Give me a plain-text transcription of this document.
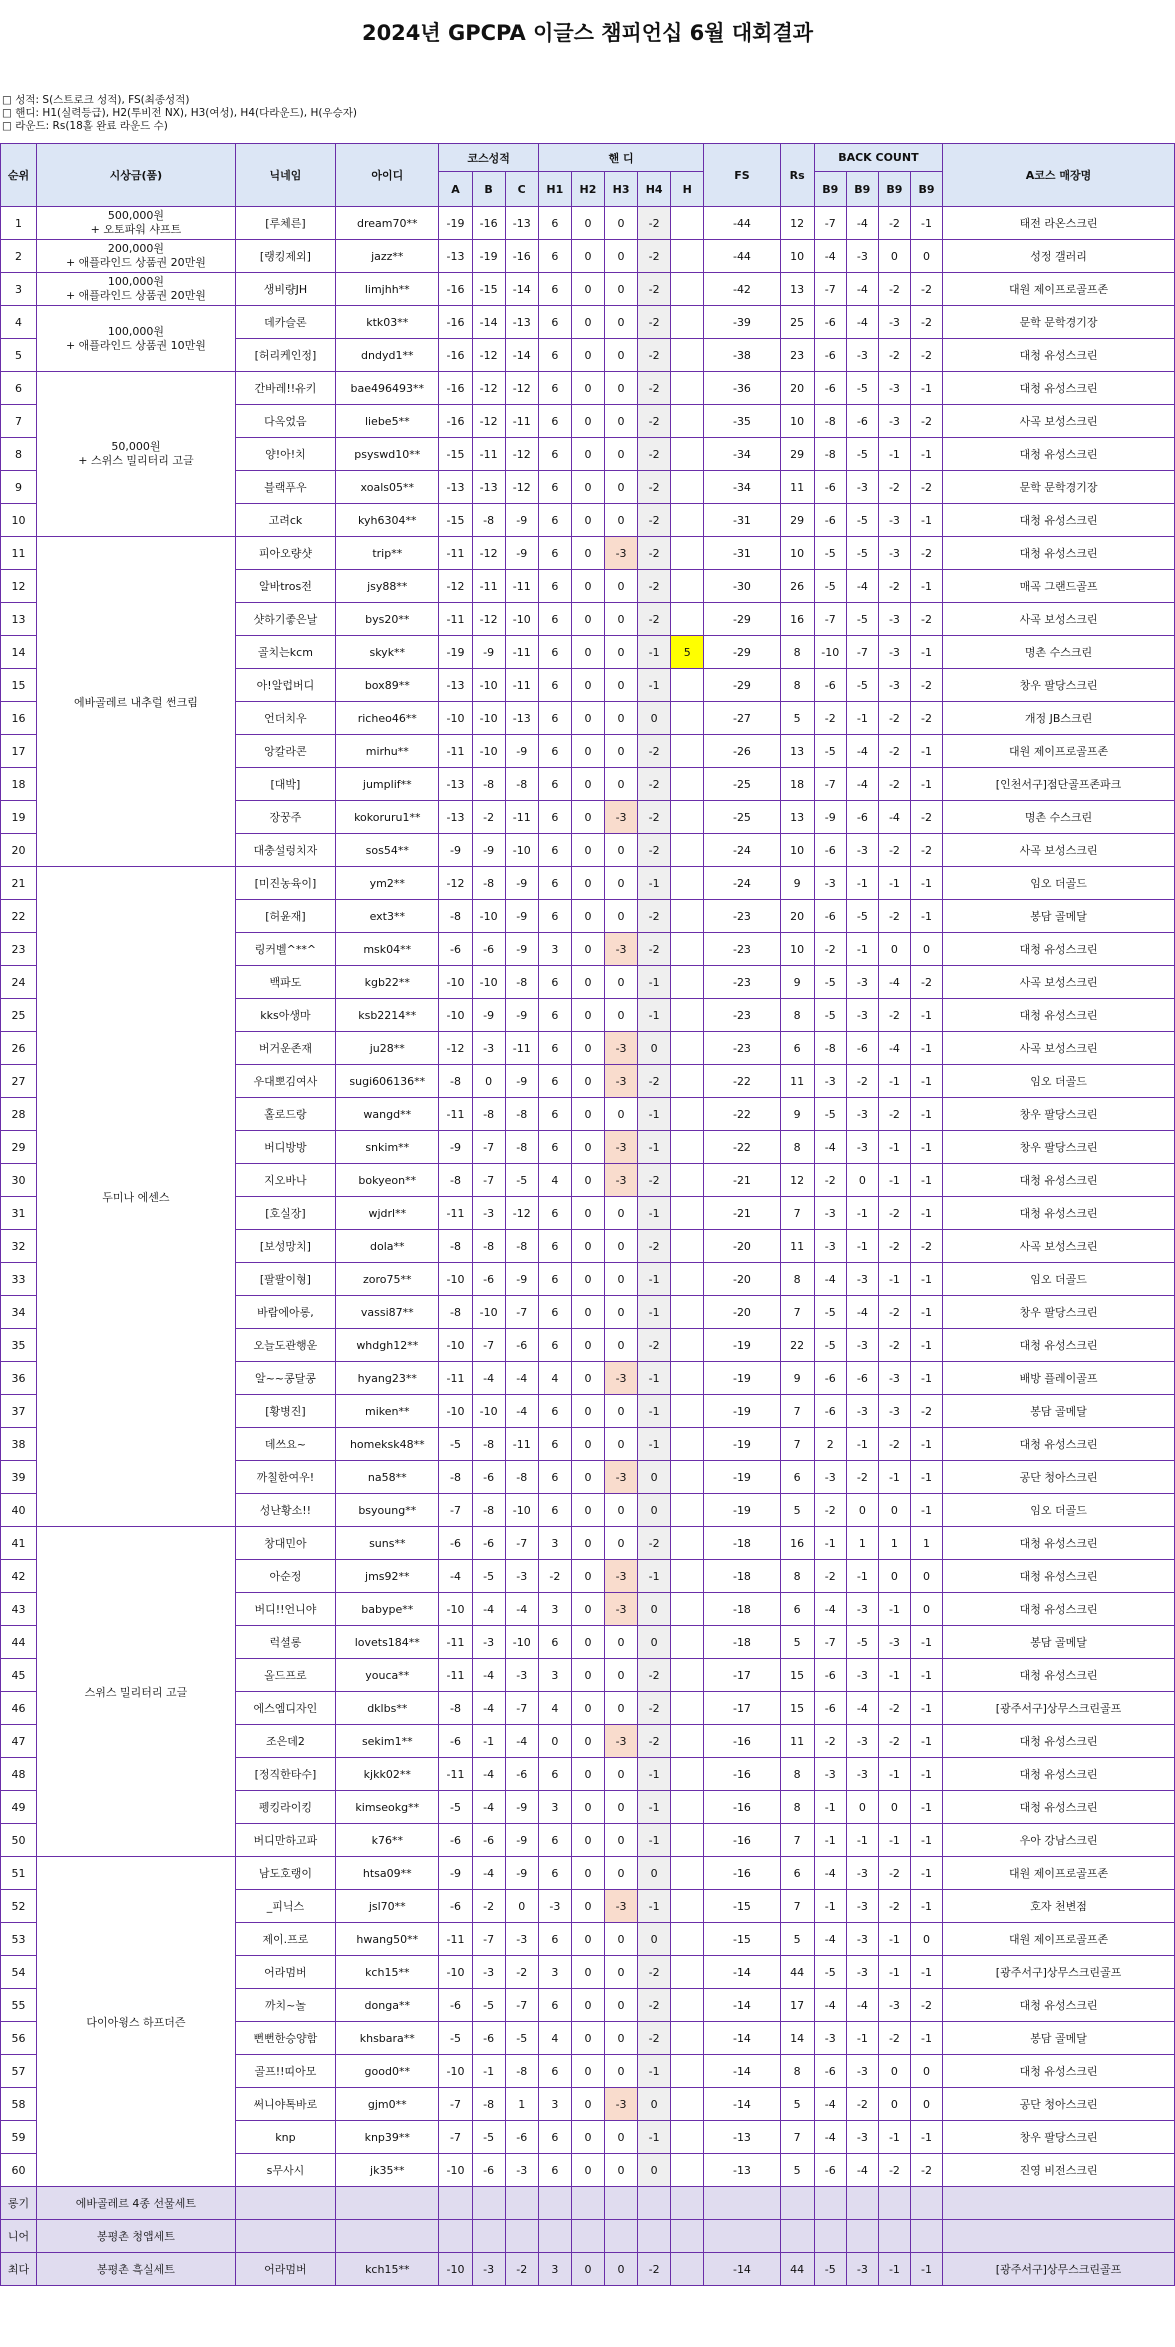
2024년 GPCPA 이글스 챔피언십 6월 대회결과
□ 성적: S(스트로크 성적), FS(최종성적)
□ 핸디: H1(실력등급), H2(투비전 NX), H3(여성), H4(다라운드), H(우승자)
□ 라운드: Rs(18홀 완료 라운드 수)
순위	시상금(품)	닉네임	아이디	코스성적			핸 디					FS	Rs	BACK COUNT				A코스 매장명
				A	B	C	H1	H2	H3	H4	H			B9	B9	B9	B9	
1	500,000원
+ 오토파워 샤프트	[루체른]	dream70**	-19	-16	-13	6	0	0	-2		-44	12	-7	-4	-2	-1	태전 라온스크린
2	200,000원
+ 애플라인드 상품권 20만원	[랭킹제외]	jazz**	-13	-19	-16	6	0	0	-2		-44	10	-4	-3	0	0	성정 갤러리
3	100,000원
+ 애플라인드 상품권 20만원	생비량JH	limjhh**	-16	-15	-14	6	0	0	-2		-42	13	-7	-4	-2	-2	대원 제이프로골프존
4	100,000원
+ 애플라인드 상품권 10만원	데카슬론	ktk03**	-16	-14	-13	6	0	0	-2		-39	25	-6	-4	-3	-2	문학 문학경기장
5		[허리케인정]	dndyd1**	-16	-12	-14	6	0	0	-2		-38	23	-6	-3	-2	-2	대청 유성스크린
6	50,000원
+ 스위스 밀리터리 고글	간바레!!유키	bae496493**	-16	-12	-12	6	0	0	-2		-36	20	-6	-5	-3	-1	대청 유성스크린
7		다옥었음	liebe5**	-16	-12	-11	6	0	0	-2		-35	10	-8	-6	-3	-2	사곡 보성스크린
8		양!아!치	psyswd10**	-15	-11	-12	6	0	0	-2		-34	29	-8	-5	-1	-1	대청 유성스크린
9		블랙푸우	xoals05**	-13	-13	-12	6	0	0	-2		-34	11	-6	-3	-2	-2	문학 문학경기장
10		고려ck	kyh6304**	-15	-8	-9	6	0	0	-2		-31	29	-6	-5	-3	-1	대청 유성스크린
11	에바골레르 내추럴 썬크림	피아오량샷	trip**	-11	-12	-9	6	0	-3	-2		-31	10	-5	-5	-3	-2	대청 유성스크린
12		알바tros전	jsy88**	-12	-11	-11	6	0	0	-2		-30	26	-5	-4	-2	-1	매곡 그랜드골프
13		샷하기좋은날	bys20**	-11	-12	-10	6	0	0	-2		-29	16	-7	-5	-3	-2	사곡 보성스크린
14		골치는kcm	skyk**	-19	-9	-11	6	0	0	-1	5	-29	8	-10	-7	-3	-1	명촌 수스크린
15		아!알럽버디	box89**	-13	-10	-11	6	0	0	-1		-29	8	-6	-5	-3	-2	창우 팔당스크린
16		언더치우	richeo46**	-10	-10	-13	6	0	0	0		-27	5	-2	-1	-2	-2	개정 JB스크린
17		앙칼라콘	mirhu**	-11	-10	-9	6	0	0	-2		-26	13	-5	-4	-2	-1	대원 제이프로골프존
18		[대박]	jumplif**	-13	-8	-8	6	0	0	-2		-25	18	-7	-4	-2	-1	[인천서구]점단골프존파크
19		장꿍주	kokoruru1**	-13	-2	-11	6	0	-3	-2		-25	13	-9	-6	-4	-2	명촌 수스크린
20		대충설렁치자	sos54**	-9	-9	-10	6	0	0	-2		-24	10	-6	-3	-2	-2	사곡 보성스크린
21	두미나 에센스	[미진농육이]	ym2**	-12	-8	-9	6	0	0	-1		-24	9	-3	-1	-1	-1	임오 더골드
22		[허윤재]	ext3**	-8	-10	-9	6	0	0	-2		-23	20	-6	-5	-2	-1	봉담 골메달
23		링커벨^**^	msk04**	-6	-6	-9	3	0	-3	-2		-23	10	-2	-1	0	0	대청 유성스크린
24		백파도	kgb22**	-10	-10	-8	6	0	0	-1		-23	9	-5	-3	-4	-2	사곡 보성스크린
25		kks아생마	ksb2214**	-10	-9	-9	6	0	0	-1		-23	8	-5	-3	-2	-1	대청 유성스크린
26		버거운존재	ju28**	-12	-3	-11	6	0	-3	0		-23	6	-8	-6	-4	-1	사곡 보성스크린
27		우대뽀김여사	sugi606136**	-8	0	-9	6	0	-3	-2		-22	11	-3	-2	-1	-1	임오 더골드
28		홀로드랑	wangd**	-11	-8	-8	6	0	0	-1		-22	9	-5	-3	-2	-1	창우 팔당스크린
29		버디방방	snkim**	-9	-7	-8	6	0	-3	-1		-22	8	-4	-3	-1	-1	창우 팔당스크린
30		지오바나	bokyeon**	-8	-7	-5	4	0	-3	-2		-21	12	-2	0	-1	-1	대청 유성스크린
31		[호실장]	wjdrl**	-11	-3	-12	6	0	0	-1		-21	7	-3	-1	-2	-1	대청 유성스크린
32		[보성망치]	dola**	-8	-8	-8	6	0	0	-2		-20	11	-3	-1	-2	-2	사곡 보성스크린
33		[팔팔이형]	zoro75**	-10	-6	-9	6	0	0	-1		-20	8	-4	-3	-1	-1	임오 더골드
34		바람에아롱,	vassi87**	-8	-10	-7	6	0	0	-1		-20	7	-5	-4	-2	-1	창우 팔당스크린
35		오늘도관행운	whdgh12**	-10	-7	-6	6	0	0	-2		-19	22	-5	-3	-2	-1	대청 유성스크린
36		알~~콩달콩	hyang23**	-11	-4	-4	4	0	-3	-1		-19	9	-6	-6	-3	-1	배방 플레이골프
37		[황병진]	miken**	-10	-10	-4	6	0	0	-1		-19	7	-6	-3	-3	-2	봉담 골메달
38		데쓰요~	homeksk48**	-5	-8	-11	6	0	0	-1		-19	7	2	-1	-2	-1	대청 유성스크린
39		까칠한여우!	na58**	-8	-6	-8	6	0	-3	0		-19	6	-3	-2	-1	-1	공단 청아스크린
40		성난황소!!	bsyoung**	-7	-8	-10	6	0	0	0		-19	5	-2	0	0	-1	임오 더골드
41	스위스 밀리터리 고글	창대민아	suns**	-6	-6	-7	3	0	0	-2		-18	16	-1	1	1	1	대청 유성스크린
42		아순정	jms92**	-4	-5	-3	-2	0	-3	-1		-18	8	-2	-1	0	0	대청 유성스크린
43		버디!!언니야	babype**	-10	-4	-4	3	0	-3	0		-18	6	-4	-3	-1	0	대청 유성스크린
44		럭셜롱	lovets184**	-11	-3	-10	6	0	0	0		-18	5	-7	-5	-3	-1	봉담 골메달
45		올드프로	youca**	-11	-4	-3	3	0	0	-2		-17	15	-6	-3	-1	-1	대청 유성스크린
46		에스엠디자인	dklbs**	-8	-4	-7	4	0	0	-2		-17	15	-6	-4	-2	-1	[광주서구]상무스크린골프
47		조은데2	sekim1**	-6	-1	-4	0	0	-3	-2		-16	11	-2	-3	-2	-1	대청 유성스크린
48		[정직한타수]	kjkk02**	-11	-4	-6	6	0	0	-1		-16	8	-3	-3	-1	-1	대청 유성스크린
49		펭킹라이킹	kimseokg**	-5	-4	-9	3	0	0	-1		-16	8	-1	0	0	-1	대청 유성스크린
50		버디만하고파	k76**	-6	-6	-9	6	0	0	-1		-16	7	-1	-1	-1	-1	우아 강남스크린
51	다이아윙스 하프더즌	남도호랭이	htsa09**	-9	-4	-9	6	0	0	0		-16	6	-4	-3	-2	-1	대원 제이프로골프존
52		_피닉스	jsl70**	-6	-2	0	-3	0	-3	-1		-15	7	-1	-3	-2	-1	호자 천변점
53		제이.프로	hwang50**	-11	-7	-3	6	0	0	0		-15	5	-4	-3	-1	0	대원 제이프로골프존
54		어라멈버	kch15**	-10	-3	-2	3	0	0	-2		-14	44	-5	-3	-1	-1	[광주서구]상무스크린골프
55		까치~놀	donga**	-6	-5	-7	6	0	0	-2		-14	17	-4	-4	-3	-2	대청 유성스크린
56		뻔뻔한승양함	khsbara**	-5	-6	-5	4	0	0	-2		-14	14	-3	-1	-2	-1	봉담 골메달
57		골프!!띠아모	good0**	-10	-1	-8	6	0	0	-1		-14	8	-6	-3	0	0	대청 유성스크린
58		써니야톡바로	gjm0**	-7	-8	1	3	0	-3	0		-14	5	-4	-2	0	0	공단 청아스크린
59		knp	knp39**	-7	-5	-6	6	0	0	-1		-13	7	-4	-3	-1	-1	창우 팔당스크린
60		s무사시	jk35**	-10	-6	-3	6	0	0	0		-13	5	-6	-4	-2	-2	진영 비전스크린
롱기	에바골레르 4종 선물세트																	
니어	봉평촌 청앱세트																	
최다	봉평촌 흑실세트	어라멈버	kch15**	-10	-3	-2	3	0	0	-2		-14	44	-5	-3	-1	-1	[광주서구]상무스크린골프
